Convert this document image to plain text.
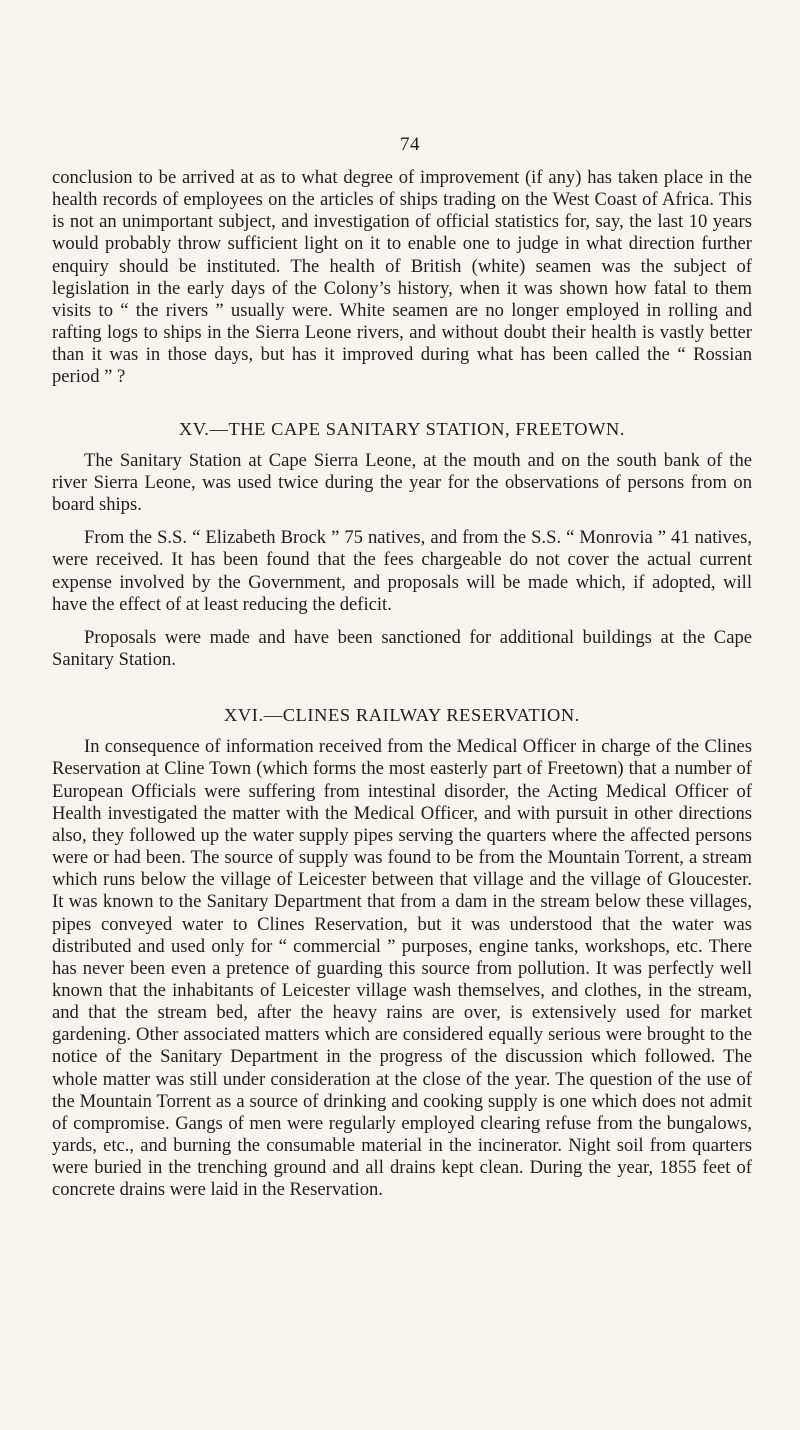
74

conclusion to be arrived at as to what degree of improvement (if any) has taken place in the health records of employees on the articles of ships trading on the West Coast of Africa. This is not an unimportant subject, and investigation of official statistics for, say, the last 10 years would probably throw sufficient light on it to enable one to judge in what direction further enquiry should be instituted. The health of British (white) seamen was the subject of legislation in the early days of the Colony’s history, when it was shown how fatal to them visits to “ the rivers ” usually were. White seamen are no longer employed in rolling and rafting logs to ships in the Sierra Leone rivers, and without doubt their health is vastly better than it was in those days, but has it improved during what has been called the “ Rossian period ” ?

XV.—THE CAPE SANITARY STATION, FREETOWN.

The Sanitary Station at Cape Sierra Leone, at the mouth and on the south bank of the river Sierra Leone, was used twice during the year for the observations of persons from on board ships.

From the S.S. “ Elizabeth Brock ” 75 natives, and from the S.S. “ Monrovia ” 41 natives, were received. It has been found that the fees chargeable do not cover the actual current expense involved by the Government, and proposals will be made which, if adopted, will have the effect of at least reducing the deficit.

Proposals were made and have been sanctioned for additional buildings at the Cape Sanitary Station.

XVI.—CLINES RAILWAY RESERVATION.

In consequence of information received from the Medical Officer in charge of the Clines Reservation at Cline Town (which forms the most easterly part of Freetown) that a number of European Officials were suffering from intestinal disorder, the Acting Medical Officer of Health investigated the matter with the Medical Officer, and with pursuit in other directions also, they followed up the water supply pipes serving the quarters where the affected persons were or had been. The source of supply was found to be from the Mountain Torrent, a stream which runs below the village of Leicester between that village and the village of Gloucester. It was known to the Sanitary Department that from a dam in the stream below these villages, pipes conveyed water to Clines Reservation, but it was understood that the water was distributed and used only for “ commercial ” purposes, engine tanks, workshops, etc. There has never been even a pretence of guarding this source from pollution. It was perfectly well known that the inhabitants of Leicester village wash themselves, and clothes, in the stream, and that the stream bed, after the heavy rains are over, is extensively used for market gardening. Other associated matters which are considered equally serious were brought to the notice of the Sanitary Department in the progress of the discussion which followed. The whole matter was still under consideration at the close of the year. The question of the use of the Mountain Torrent as a source of drinking and cooking supply is one which does not admit of compromise. Gangs of men were regularly employed clearing refuse from the bungalows, yards, etc., and burning the consumable material in the incinerator. Night soil from quarters were buried in the trenching ground and all drains kept clean. During the year, 1855 feet of concrete drains were laid in the Reservation.
